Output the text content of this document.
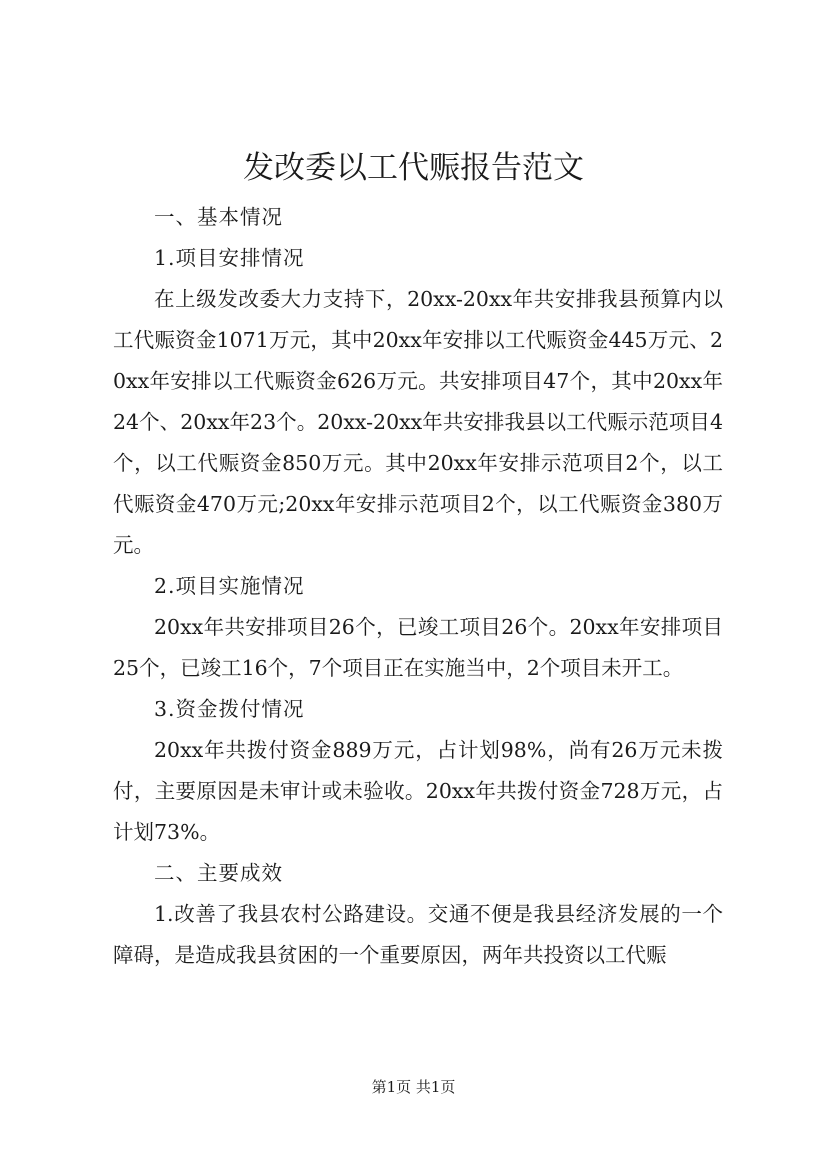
发改委以工代赈报告范文

一、基本情况

1.项目安排情况

在上级发改委大力支持下，20xx-20xx年共安排我县预算内以工代赈资金1071万元，其中20xx年安排以工代赈资金445万元、20xx年安排以工代赈资金626万元。共安排项目47个，其中20xx年24个、20xx年23个。20xx-20xx年共安排我县以工代赈示范项目4个，以工代赈资金850万元。其中20xx年安排示范项目2个，以工代赈资金470万元;20xx年安排示范项目2个，以工代赈资金380万元。

2.项目实施情况

20xx年共安排项目26个，已竣工项目26个。20xx年安排项目25个，已竣工16个，7个项目正在实施当中，2个项目未开工。

3.资金拨付情况

20xx年共拨付资金889万元，占计划98%，尚有26万元未拨付，主要原因是未审计或未验收。20xx年共拨付资金728万元，占计划73%。

二、主要成效

1.改善了我县农村公路建设。交通不便是我县经济发展的一个障碍，是造成我县贫困的一个重要原因，两年共投资以工代赈

第1页 共1页
